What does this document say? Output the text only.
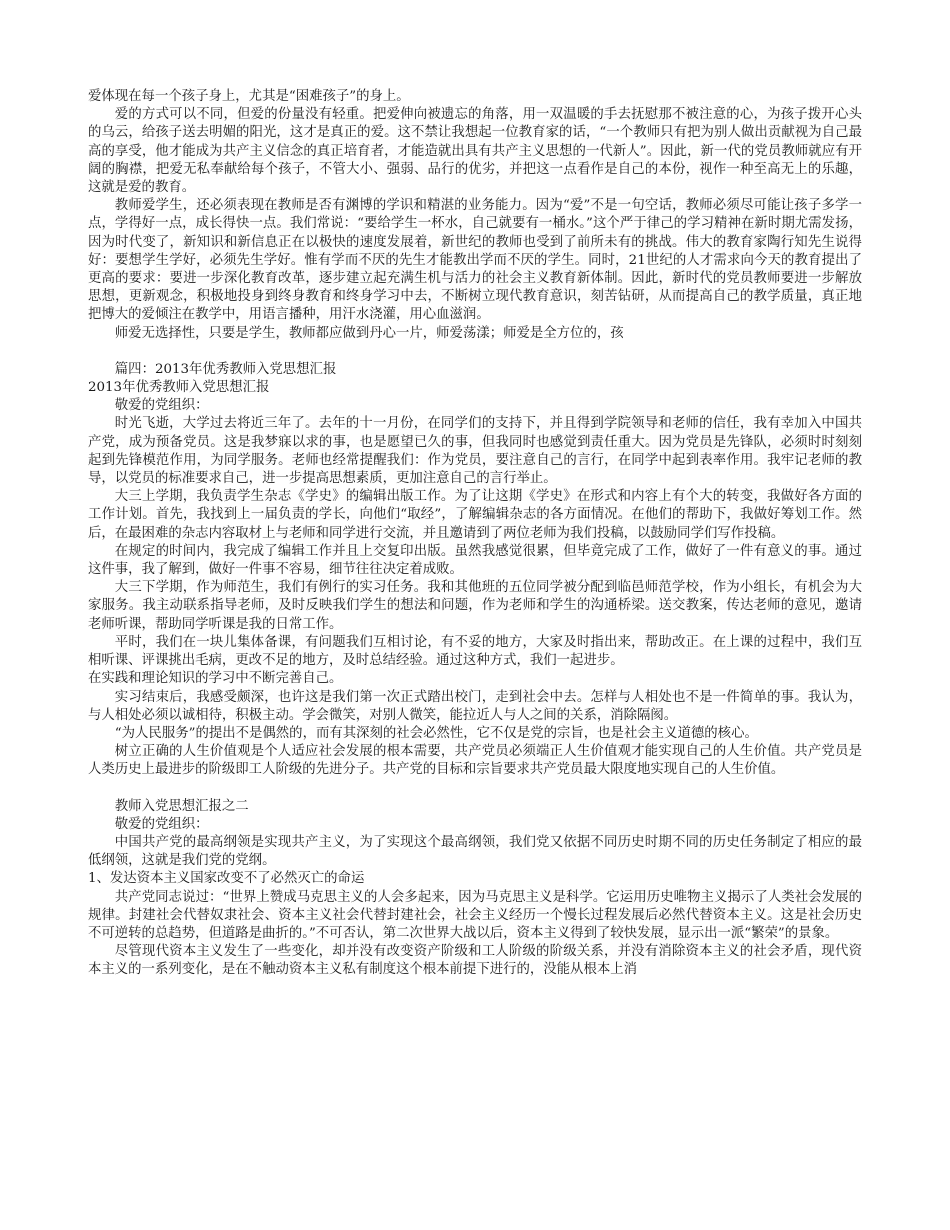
爱体现在每一个孩子身上，尤其是“困难孩子”的身上。

爱的方式可以不同，但爱的份量没有轻重。把爱伸向被遗忘的角落，用一双温暖的手去抚慰那不被注意的心，为孩子拨开心头的乌云，给孩子送去明媚的阳光，这才是真正的爱。这不禁让我想起一位教育家的话，“一个教师只有把为别人做出贡献视为自己最高的享受，他才能成为共产主义信念的真正培育者，才能造就出具有共产主义思想的一代新人”。因此，新一代的党员教师就应有开阔的胸襟，把爱无私奉献给每个孩子，不管大小、强弱、品行的优劣，并把这一点看作是自己的本份，视作一种至高无上的乐趣，这就是爱的教育。

教师爱学生，还必须表现在教师是否有渊博的学识和精湛的业务能力。因为“爱”不是一句空话，教师必须尽可能让孩子多学一点，学得好一点，成长得快一点。我们常说：“要给学生一杯水，自己就要有一桶水。”这个严于律己的学习精神在新时期尤需发扬，因为时代变了，新知识和新信息正在以极快的速度发展着，新世纪的教师也受到了前所未有的挑战。伟大的教育家陶行知先生说得好：要想学生学好，必须先生学好。惟有学而不厌的先生才能教出学而不厌的学生。同时，21世纪的人才需求向今天的教育提出了更高的要求：要进一步深化教育改革，逐步建立起充满生机与活力的社会主义教育新体制。因此，新时代的党员教师要进一步解放思想，更新观念，积极地投身到终身教育和终身学习中去，不断树立现代教育意识，刻苦钻研，从而提高自己的教学质量，真正地把博大的爱倾注在教学中，用语言播种，用汗水浇灌，用心血滋润。

师爱无选择性，只要是学生，教师都应做到丹心一片，师爱荡漾；师爱是全方位的，孩

篇四：2013年优秀教师入党思想汇报

2013年优秀教师入党思想汇报

敬爱的党组织：

时光飞逝，大学过去将近三年了。去年的十一月份，在同学们的支持下，并且得到学院领导和老师的信任，我有幸加入中国共产党，成为预备党员。这是我梦寐以求的事，也是愿望已久的事，但我同时也感觉到责任重大。因为党员是先锋队，必须时时刻刻起到先锋模范作用，为同学服务。老师也经常提醒我们：作为党员，要注意自己的言行，在同学中起到表率作用。我牢记老师的教导，以党员的标准要求自己，进一步提高思想素质，更加注意自己的言行举止。

大三上学期，我负责学生杂志《学史》的编辑出版工作。为了让这期《学史》在形式和内容上有个大的转变，我做好各方面的工作计划。首先，我找到上一届负责的学长，向他们“取经”，了解编辑杂志的各方面情况。在他们的帮助下，我做好筹划工作。然后，在最困难的杂志内容取材上与老师和同学进行交流，并且邀请到了两位老师为我们投稿，以鼓励同学们写作投稿。

在规定的时间内，我完成了编辑工作并且上交复印出版。虽然我感觉很累，但毕竟完成了工作，做好了一件有意义的事。通过这件事，我了解到，做好一件事不容易，细节往往决定着成败。

大三下学期，作为师范生，我们有例行的实习任务。我和其他班的五位同学被分配到临邑师范学校，作为小组长，有机会为大家服务。我主动联系指导老师，及时反映我们学生的想法和问题，作为老师和学生的沟通桥梁。送交教案，传达老师的意见，邀请老师听课，帮助同学听课是我的日常工作。

平时，我们在一块儿集体备课，有问题我们互相讨论，有不妥的地方，大家及时指出来，帮助改正。在上课的过程中，我们互相听课、评课挑出毛病，更改不足的地方，及时总结经验。通过这种方式，我们一起进步。

在实践和理论知识的学习中不断完善自己。

实习结束后，我感受颇深，也许这是我们第一次正式踏出校门，走到社会中去。怎样与人相处也不是一件简单的事。我认为，与人相处必须以诚相待，积极主动。学会微笑，对别人微笑，能拉近人与人之间的关系，消除隔阂。

“为人民服务”的提出不是偶然的，而有其深刻的社会必然性，它不仅是党的宗旨，也是社会主义道德的核心。

树立正确的人生价值观是个人适应社会发展的根本需要，共产党员必须端正人生价值观才能实现自己的人生价值。共产党员是人类历史上最进步的阶级即工人阶级的先进分子。共产党的目标和宗旨要求共产党员最大限度地实现自己的人生价值。

教师入党思想汇报之二

敬爱的党组织：

中国共产党的最高纲领是实现共产主义，为了实现这个最高纲领，我们党又依据不同历史时期不同的历史任务制定了相应的最低纲领，这就是我们党的党纲。

1、发达资本主义国家改变不了必然灭亡的命运

共产党同志说过：“世界上赞成马克思主义的人会多起来，因为马克思主义是科学。它运用历史唯物主义揭示了人类社会发展的规律。封建社会代替奴隶社会、资本主义社会代替封建社会，社会主义经历一个慢长过程发展后必然代替资本主义。这是社会历史不可逆转的总趋势，但道路是曲折的。”不可否认，第二次世界大战以后，资本主义得到了较快发展，显示出一派“繁荣”的景象。

尽管现代资本主义发生了一些变化，却并没有改变资产阶级和工人阶级的阶级关系，并没有消除资本主义的社会矛盾，现代资本主义的一系列变化，是在不触动资本主义私有制度这个根本前提下进行的，没能从根本上消
